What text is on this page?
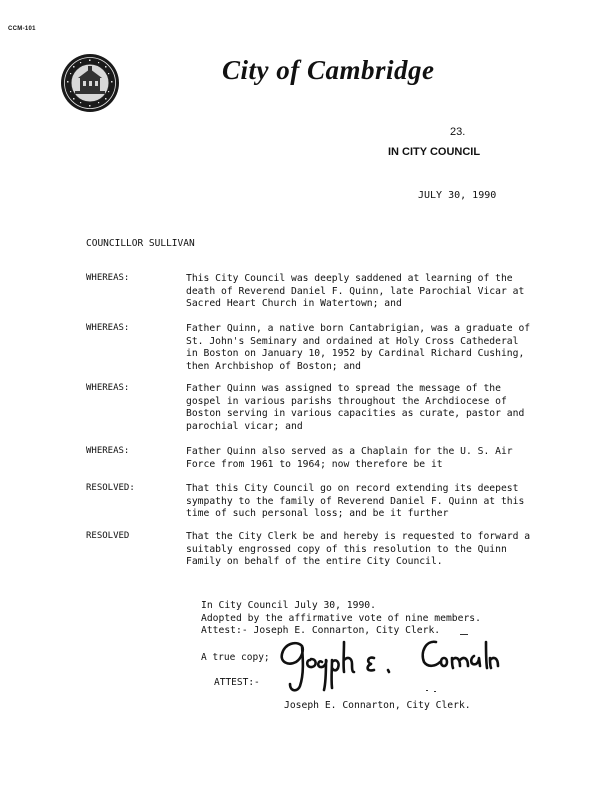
CCM-101
City of Cambridge
23.
IN CITY COUNCIL
JULY 30, 1990
COUNCILLOR SULLIVAN
WHEREAS:	This City Council was deeply saddened at learning of the
death of Reverend Daniel F. Quinn, late Parochial Vicar at
Sacred Heart Church in Watertown; and
WHEREAS:	Father Quinn, a native born Cantabrigian, was a graduate of
St. John's Seminary and ordained at Holy Cross Cathederal
in Boston on January 10, 1952 by Cardinal Richard Cushing,
then Archbishop of Boston; and
WHEREAS:	Father Quinn was assigned to spread the message of the
gospel in various parishs throughout the Archdiocese of
Boston serving in various capacities as curate, pastor and
parochial vicar; and
WHEREAS:	Father Quinn also served as a Chaplain for the U. S. Air
Force from 1961 to 1964; now therefore be it
RESOLVED:	That this City Council go on record extending its deepest
sympathy to the family of Reverend Daniel F. Quinn at this
time of such personal loss; and be it further
RESOLVED	That the City Clerk be and hereby is requested to forward a
suitably engrossed copy of this resolution to the Quinn
Family on behalf of the entire City Council.
In City Council July 30, 1990.
Adopted by the affirmative vote of nine members.
Attest:- Joseph E. Connarton, City Clerk.
A true copy;
ATTEST:-
Joseph E. Connarton, City Clerk.
